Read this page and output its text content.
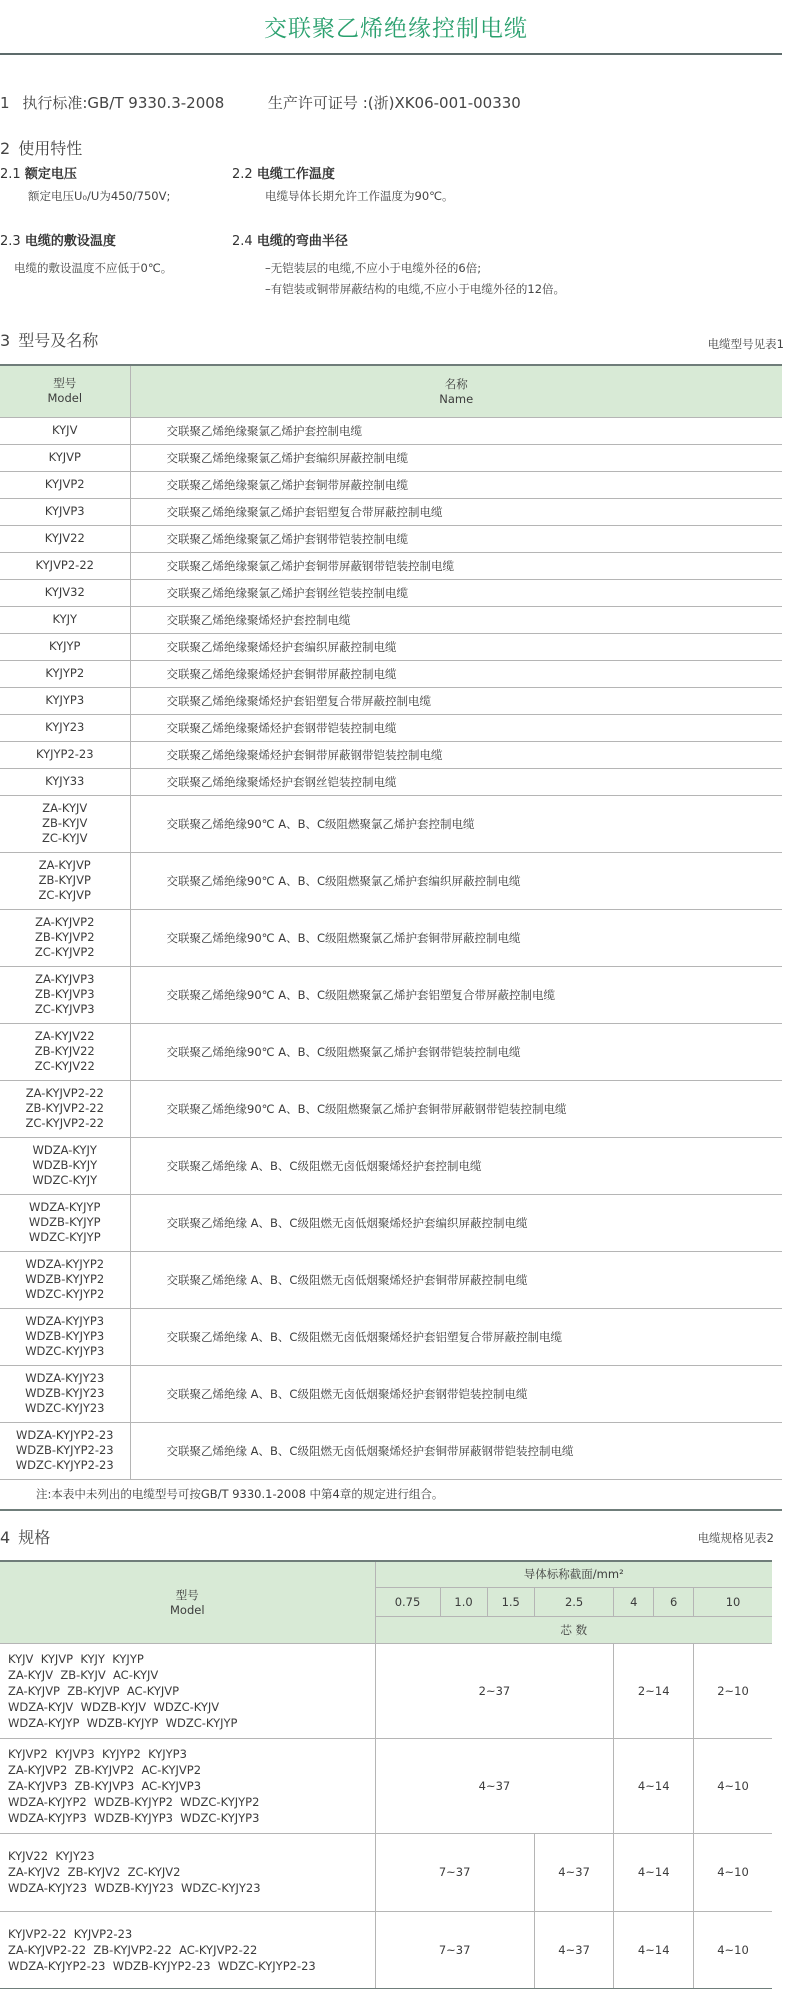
交联聚乙烯绝缘控制电缆
1 执行标准:GB/T 9330.3-2008	生产许可证号 :(浙)XK06-001-00330
2 使用特性
2.1 额定电压
额定电压U₀/U为450/750V;
2.2 电缆工作温度
电缆导体长期允许工作温度为90℃。
2.3 电缆的敷设温度
电缆的敷设温度不应低于0℃。
2.4 电缆的弯曲半径
–无铠装层的电缆,不应小于电缆外径的6倍;
–有铠装或铜带屏蔽结构的电缆,不应小于电缆外径的12倍。
3 型号及名称	电缆型号见表1
型号
Model	名称
Name

KYJV	交联聚乙烯绝缘聚氯乙烯护套控制电缆

KYJVP	交联聚乙烯绝缘聚氯乙烯护套编织屏蔽控制电缆

KYJVP2	交联聚乙烯绝缘聚氯乙烯护套铜带屏蔽控制电缆

KYJVP3	交联聚乙烯绝缘聚氯乙烯护套铝塑复合带屏蔽控制电缆

KYJV22	交联聚乙烯绝缘聚氯乙烯护套钢带铠装控制电缆

KYJVP2-22	交联聚乙烯绝缘聚氯乙烯护套铜带屏蔽钢带铠装控制电缆

KYJV32	交联聚乙烯绝缘聚氯乙烯护套钢丝铠装控制电缆

KYJY	交联聚乙烯绝缘聚烯烃护套控制电缆

KYJYP	交联聚乙烯绝缘聚烯烃护套编织屏蔽控制电缆

KYJYP2	交联聚乙烯绝缘聚烯烃护套铜带屏蔽控制电缆

KYJYP3	交联聚乙烯绝缘聚烯烃护套铝塑复合带屏蔽控制电缆

KYJY23	交联聚乙烯绝缘聚烯烃护套钢带铠装控制电缆

KYJYP2-23	交联聚乙烯绝缘聚烯烃护套铜带屏蔽钢带铠装控制电缆

KYJY33	交联聚乙烯绝缘聚烯烃护套钢丝铠装控制电缆

ZA-KYJV
ZB-KYJV
ZC-KYJV	交联聚乙烯绝缘90℃ A、B、C级阻燃聚氯乙烯护套控制电缆

ZA-KYJVP
ZB-KYJVP
ZC-KYJVP	交联聚乙烯绝缘90℃ A、B、C级阻燃聚氯乙烯护套编织屏蔽控制电缆

ZA-KYJVP2
ZB-KYJVP2
ZC-KYJVP2	交联聚乙烯绝缘90℃ A、B、C级阻燃聚氯乙烯护套铜带屏蔽控制电缆

ZA-KYJVP3
ZB-KYJVP3
ZC-KYJVP3	交联聚乙烯绝缘90℃ A、B、C级阻燃聚氯乙烯护套铝塑复合带屏蔽控制电缆

ZA-KYJV22
ZB-KYJV22
ZC-KYJV22	交联聚乙烯绝缘90℃ A、B、C级阻燃聚氯乙烯护套钢带铠装控制电缆

ZA-KYJVP2-22
ZB-KYJVP2-22
ZC-KYJVP2-22	交联聚乙烯绝缘90℃ A、B、C级阻燃聚氯乙烯护套铜带屏蔽钢带铠装控制电缆

WDZA-KYJY
WDZB-KYJY
WDZC-KYJY	交联聚乙烯绝缘 A、B、C级阻燃无卤低烟聚烯烃护套控制电缆

WDZA-KYJYP
WDZB-KYJYP
WDZC-KYJYP	交联聚乙烯绝缘 A、B、C级阻燃无卤低烟聚烯烃护套编织屏蔽控制电缆

WDZA-KYJYP2
WDZB-KYJYP2
WDZC-KYJYP2	交联聚乙烯绝缘 A、B、C级阻燃无卤低烟聚烯烃护套铜带屏蔽控制电缆

WDZA-KYJYP3
WDZB-KYJYP3
WDZC-KYJYP3	交联聚乙烯绝缘 A、B、C级阻燃无卤低烟聚烯烃护套铝塑复合带屏蔽控制电缆

WDZA-KYJY23
WDZB-KYJY23
WDZC-KYJY23	交联聚乙烯绝缘 A、B、C级阻燃无卤低烟聚烯烃护套钢带铠装控制电缆

WDZA-KYJYP2-23
WDZB-KYJYP2-23
WDZC-KYJYP2-23	交联聚乙烯绝缘 A、B、C级阻燃无卤低烟聚烯烃护套铜带屏蔽钢带铠装控制电缆
注:本表中未列出的电缆型号可按GB/T 9330.1-2008 中第4章的规定进行组合。	
4 规格	电缆规格见表2
型号
Model	导体标称截面/mm²						
	0.75	1.0	1.5	2.5	4	6	10
	芯 数						

KYJV  KYJVP  KYJY  KYJYP
ZA-KYJV  ZB-KYJV  AC-KYJV
ZA-KYJVP  ZB-KYJVP  AC-KYJVP
WDZA-KYJV  WDZB-KYJV  WDZC-KYJV
WDZA-KYJYP  WDZB-KYJYP  WDZC-KYJYP	2~37				2~14		2~10

KYJVP2  KYJVP3  KYJYP2  KYJYP3
ZA-KYJVP2  ZB-KYJVP2  AC-KYJVP2
ZA-KYJVP3  ZB-KYJVP3  AC-KYJVP3
WDZA-KYJYP2  WDZB-KYJYP2  WDZC-KYJYP2
WDZA-KYJYP3  WDZB-KYJYP3  WDZC-KYJYP3	4~37				4~14		4~10

KYJV22  KYJY23
ZA-KYJV2  ZB-KYJV2  ZC-KYJV2
WDZA-KYJY23  WDZB-KYJY23  WDZC-KYJY23	7~37			4~37	4~14		4~10

KYJVP2-22  KYJVP2-23
ZA-KYJVP2-22  ZB-KYJVP2-22  AC-KYJVP2-22
WDZA-KYJYP2-23  WDZB-KYJYP2-23  WDZC-KYJYP2-23	7~37			4~37	4~14		4~10
